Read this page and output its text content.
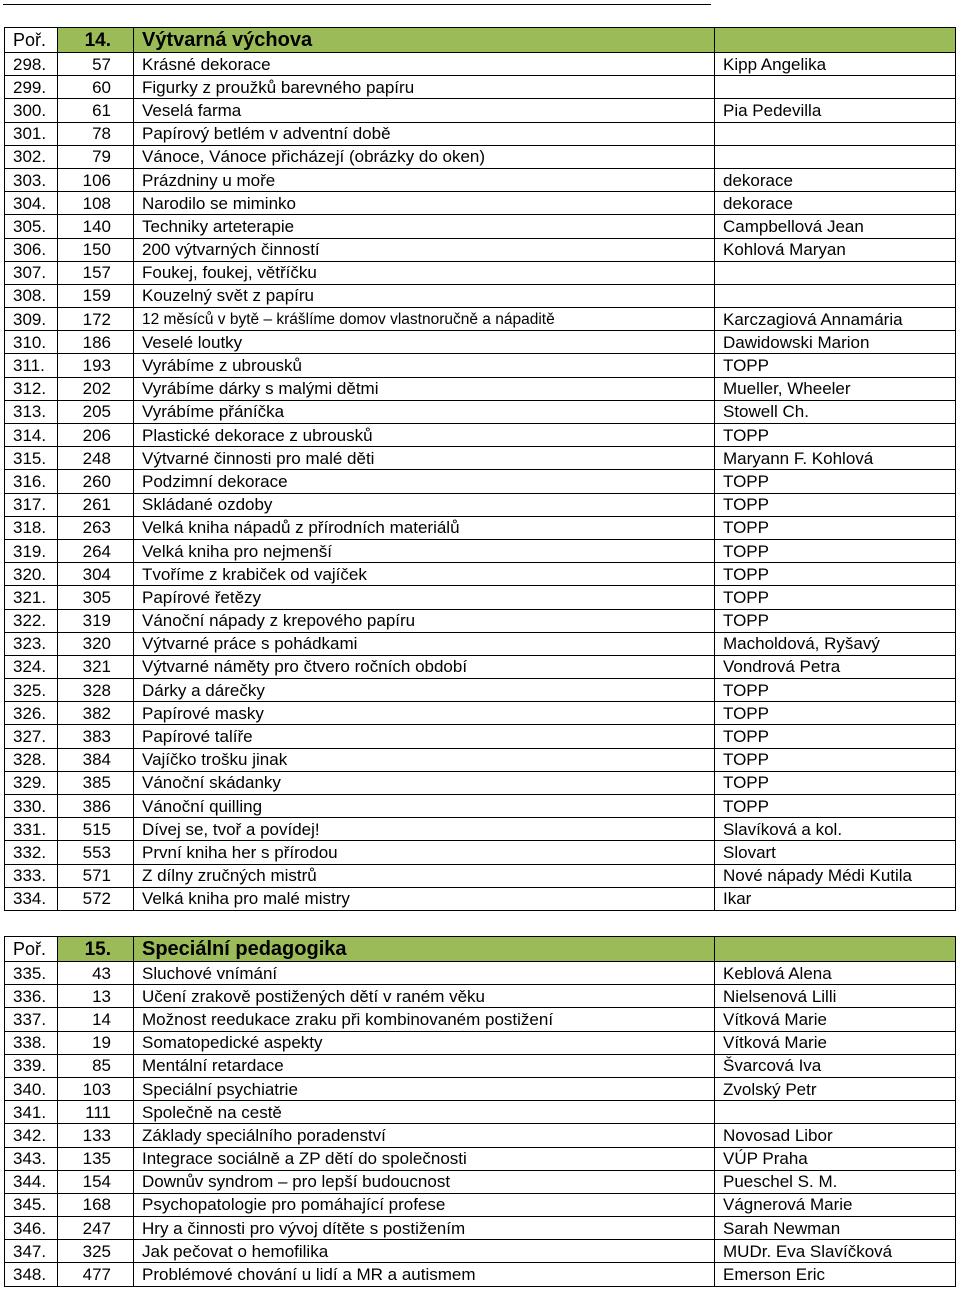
Poř.	14.	Výtvarná výchova	
298.	57	Krásné dekorace	Kipp Angelika
299.	60	Figurky z proužků barevného papíru	
300.	61	Veselá farma	Pia Pedevilla
301.	78	Papírový betlém v adventní době	
302.	79	Vánoce, Vánoce přicházejí (obrázky do oken)	
303.	106	Prázdniny u moře	dekorace
304.	108	Narodilo se miminko	dekorace
305.	140	Techniky arteterapie	Campbellová Jean
306.	150	200 výtvarných činností	Kohlová Maryan
307.	157	Foukej, foukej, větříčku	
308.	159	Kouzelný svět z papíru	
309.	172	12 měsíců v bytě – krášlíme domov vlastnoručně a nápaditě	Karczagiová Annamária
310.	186	Veselé loutky	Dawidowski Marion
311.	193	Vyrábíme z ubrousků	TOPP
312.	202	Vyrábíme dárky s malými dětmi	Mueller, Wheeler
313.	205	Vyrábíme přáníčka	Stowell Ch.
314.	206	Plastické dekorace z ubrousků	TOPP
315.	248	Výtvarné činnosti pro malé děti	Maryann F. Kohlová
316.	260	Podzimní dekorace	TOPP
317.	261	Skládané ozdoby	TOPP
318.	263	Velká kniha nápadů z přírodních materiálů	TOPP
319.	264	Velká kniha pro nejmenší	TOPP
320.	304	Tvoříme z krabiček od vajíček	TOPP
321.	305	Papírové řetězy	TOPP
322.	319	Vánoční nápady z krepového papíru	TOPP
323.	320	Výtvarné práce s pohádkami	Macholdová, Ryšavý
324.	321	Výtvarné náměty pro čtvero ročních období	Vondrová Petra
325.	328	Dárky a dárečky	TOPP
326.	382	Papírové masky	TOPP
327.	383	Papírové talíře	TOPP
328.	384	Vajíčko trošku jinak	TOPP
329.	385	Vánoční skádanky	TOPP
330.	386	Vánoční quilling	TOPP
331.	515	Dívej se, tvoř a povídej!	Slavíková a kol.
332.	553	První kniha her s přírodou	Slovart
333.	571	Z dílny zručných mistrů	Nové nápady Médi Kutila
334.	572	Velká kniha pro malé mistry	Ikar
Poř.	15.	Speciální pedagogika	
335.	43	Sluchové vnímání	Keblová Alena
336.	13	Učení zrakově postižených dětí v raném věku	Nielsenová Lilli
337.	14	Možnost reedukace zraku při kombinovaném postižení	Vítková Marie
338.	19	Somatopedické aspekty	Vítková Marie
339.	85	Mentální retardace	Švarcová Iva
340.	103	Speciální psychiatrie	Zvolský Petr
341.	111	Společně na cestě	
342.	133	Základy speciálního poradenství	Novosad Libor
343.	135	Integrace sociálně a ZP dětí do společnosti	VÚP Praha
344.	154	Downův syndrom – pro lepší budoucnost	Pueschel S. M.
345.	168	Psychopatologie pro pomáhající profese	Vágnerová Marie
346.	247	Hry a činnosti pro vývoj dítěte s postižením	Sarah Newman
347.	325	Jak pečovat o hemofilika	MUDr. Eva Slavíčková
348.	477	Problémové chování u lidí a MR a autismem	Emerson Eric
